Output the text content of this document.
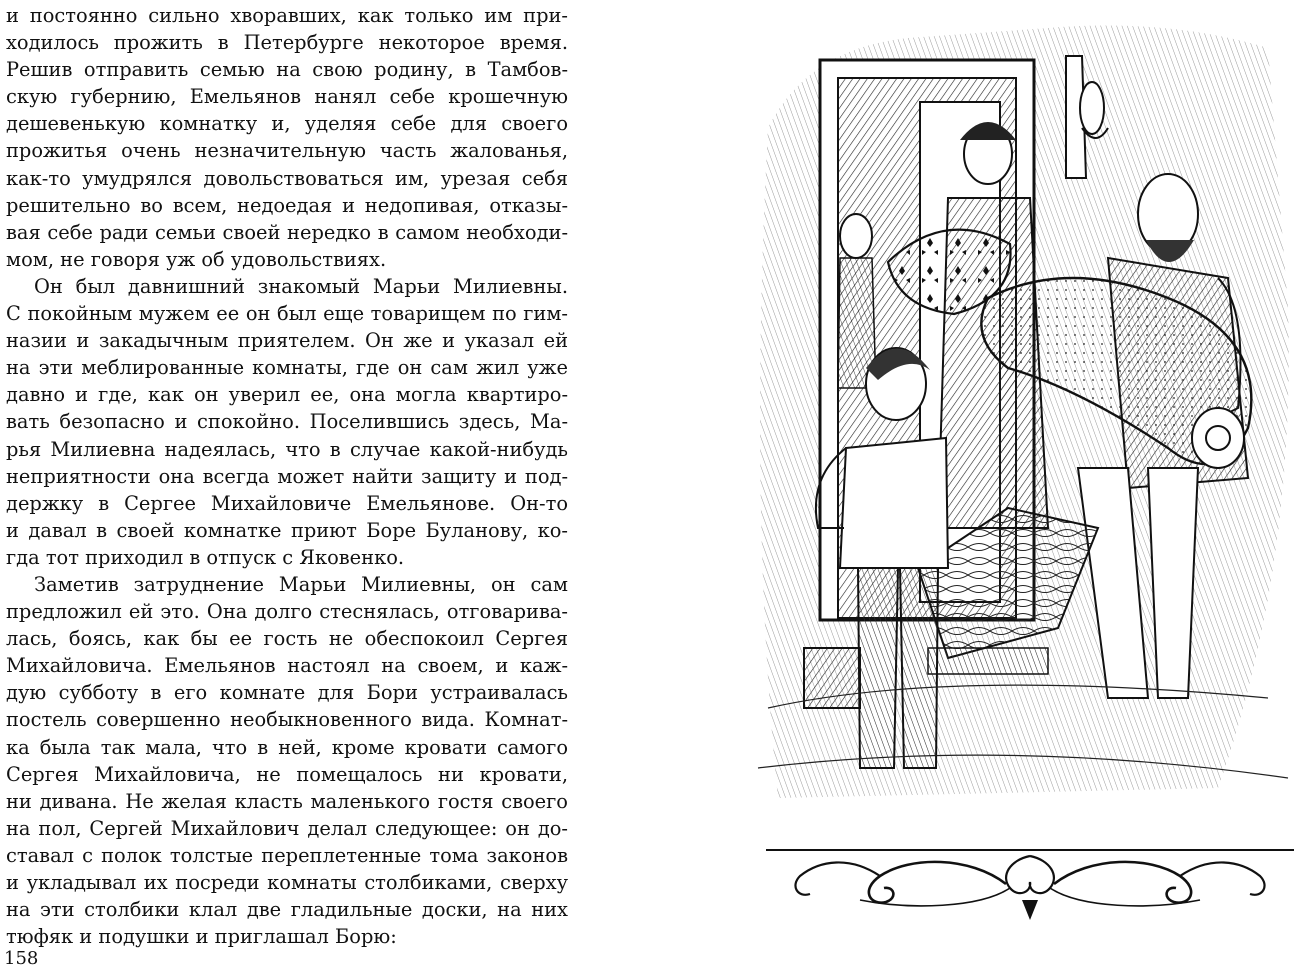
и постоянно сильно хворавших, как только им при-
ходилось прожить в Петербурге некоторое время.
Решив отправить семью на свою родину, в Тамбов-
скую губернию, Емельянов нанял себе крошечную
дешевенькую комнатку и, уделяя себе для своего
прожитья очень незначительную часть жалованья,
как-то умудрялся довольствоваться им, урезая себя
решительно во всем, недоедая и недопивая, отказы-
вая себе ради семьи своей нередко в самом необходи-
мом, не говоря уж об удовольствиях.
Он был давнишний знакомый Марьи Милиевны.
С покойным мужем ее он был еще товарищем по гим-
назии и закадычным приятелем. Он же и указал ей
на эти меблированные комнаты, где он сам жил уже
давно и где, как он уверил ее, она могла квартиро-
вать безопасно и спокойно. Поселившись здесь, Ма-
рья Милиевна надеялась, что в случае какой-нибудь
неприятности она всегда может найти защиту и под-
держку в Сергее Михайловиче Емельянове. Он-то
и давал в своей комнатке приют Боре Буланову, ко-
гда тот приходил в отпуск с Яковенко.
Заметив затруднение Марьи Милиевны, он сам
предложил ей это. Она долго стеснялась, отговарива-
лась, боясь, как бы ее гость не обеспокоил Сергея
Михайловича. Емельянов настоял на своем, и каж-
дую субботу в его комнате для Бори устраивалась
постель совершенно необыкновенного вида. Комнат-
ка была так мала, что в ней, кроме кровати самого
Сергея Михайловича, не помещалось ни кровати,
ни дивана. Не желая класть маленького гостя своего
на пол, Сергей Михайлович делал следующее: он до-
ставал с полок толстые переплетенные тома законов
и укладывал их посреди комнаты столбиками, сверху
на эти столбики клал две гладильные доски, на них
тюфяк и подушки и приглашал Борю:
158
